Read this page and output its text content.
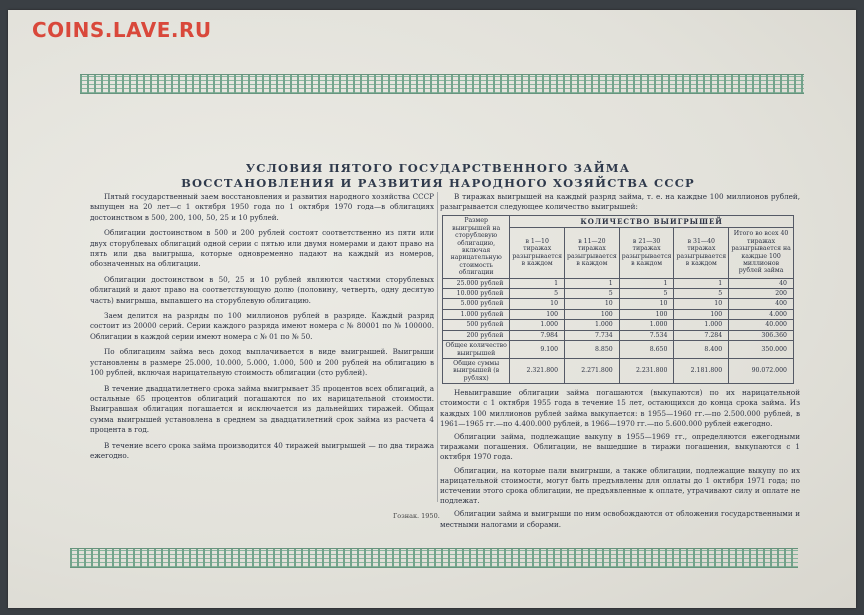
COINS.LAVE.RU
УСЛОВИЯ ПЯТОГО ГОСУДАРСТВЕННОГО ЗАЙМА
ВОССТАНОВЛЕНИЯ И РАЗВИТИЯ НАРОДНОГО ХОЗЯЙСТВА СССР

Пятый государственный заем восстановления и развития народного хозяйства СССР выпущен на 20 лет—с 1 октября 1950 года по 1 октября 1970 года—в облигациях достоинством в 500, 200, 100, 50, 25 и 10 рублей.

Облигации достоинством в 500 и 200 рублей состоят соответственно из пяти или двух сторублевых облигаций одной серии с пятью или двумя номерами и дают право на пять или два выигрыша, которые одновременно падают на каждый из номеров, обозначенных на облигации.

Облигации достоинством в 50, 25 и 10 рублей являются частями сторублевых облигаций и дают право на соответствующую долю (половину, четверть, одну десятую часть) выигрыша, выпавшего на сторублевую облигацию.

Заем делится на разряды по 100 миллионов рублей в разряде. Каждый разряд состоит из 20000 серий. Серии каждого разряда имеют номера с № 80001 по № 100000. Облигации в каждой серии имеют номера с № 01 по № 50.

По облигациям займа весь доход выплачивается в виде выигрышей. Выигрыши установлены в размере 25.000, 10.000, 5.000, 1.000, 500 и 200 рублей на облигацию в 100 рублей, включая нарицательную стоимость облигации (сто рублей).

В течение двадцатилетнего срока займа выигрывает 35 процентов всех облигаций, а остальные 65 процентов облигаций погашаются по их нарицательной стоимости. Выигравшая облигация погашается и исключается из дальнейших тиражей. Общая сумма выигрышей установлена в среднем за двадцатилетний срок займа из расчета 4 процента в год.

В течение всего срока займа производится 40 тиражей выигрышей — по два тиража ежегодно.

В тиражах выигрышей на каждый разряд займа, т. е. на каждые 100 миллионов рублей, разыгрывается следующее количество выигрышей:

Размер выигрышей на сторублевую облигацию, включая нарицательную стоимость облигации	КОЛИЧЕСТВО ВЫИГРЫШЕЙ				
	в 1—10 тиражах разыгрывается в каждом	в 11—20 тиражах разыгрывается в каждом	в 21—30 тиражах разыгрывается в каждом	в 31—40 тиражах разыгрывается в каждом	Итого во всех 40 тиражах разыгрывается на каждые 100 миллионов рублей займа
25.000 рублей	1	1	1	1	40
10.000 рублей	5	5	5	5	200
5.000 рублей	10	10	10	10	400
1.000 рублей	100	100	100	100	4.000
500 рублей	1.000	1.000	1.000	1.000	40.000
200 рублей	7.984	7.734	7.534	7.284	306.360
Общее количество выигрышей	9.100	8.850	8.650	8.400	350.000
Общие суммы выигрышей (в рублях)	2.321.800	2.271.800	2.231.800	2.181.800	90.072.000

Невыигравшие облигации займа погашаются (выкупаются) по их нарицательной стоимости с 1 октября 1955 года в течение 15 лет, остающихся до конца срока займа. Из каждых 100 миллионов рублей займа выкупается: в 1955—1960 гг.—по 2.500.000 рублей, в 1961—1965 гг.—по 4.400.000 рублей, в 1966—1970 гг.—по 5.600.000 рублей ежегодно.

Облигации займа, подлежащие выкупу в 1955—1969 гг., определяются ежегодными тиражами погашения. Облигации, не вышедшие в тиражи погашения, выкупаются с 1 октября 1970 года.

Облигации, на которые пали выигрыши, а также облигации, подлежащие выкупу по их нарицательной стоимости, могут быть предъявлены для оплаты до 1 октября 1971 года; по истечении этого срока облигации, не предъявленные к оплате, утрачивают силу и оплате не подлежат.

Облигации займа и выигрыши по ним освобождаются от обложения государственными и местными налогами и сборами.

Гознак. 1950.
